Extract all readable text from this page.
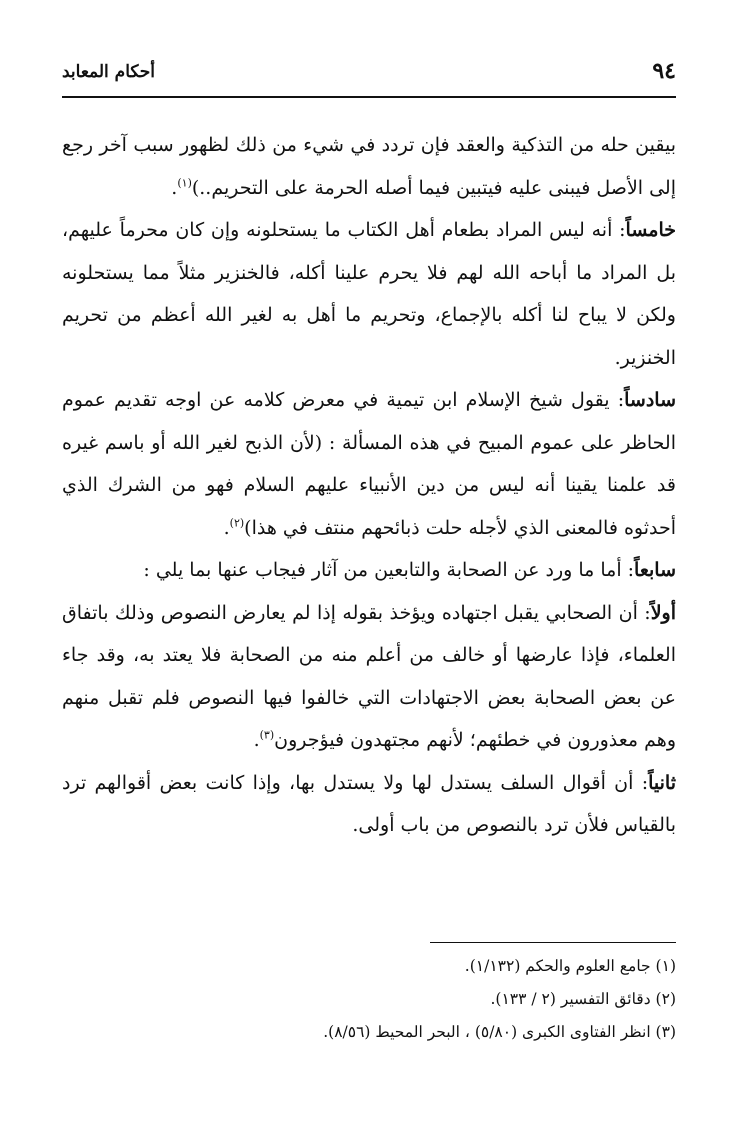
٩٤
أحكام المعابد

بيقين حله من التذكية والعقد فإن تردد في شيء من ذلك لظهور سبب آخر رجع إلى الأصل فيبنى عليه فيتبين فيما أصله الحرمة على التحريم..)$^{(١)}$.

خامساً: أنه ليس المراد بطعام أهل الكتاب ما يستحلونه وإن كان محرماً عليهم، بل المراد ما أباحه الله لهم فلا يحرم علينا أكله، فالخنزير مثلاً مما يستحلونه ولكن لا يباح لنا أكله بالإجماع، وتحريم ما أهل به لغير الله أعظم من تحريم الخنزير.

سادساً: يقول شيخ الإسلام ابن تيمية في معرض كلامه عن اوجه تقديم عموم الحاظر على عموم المبيح في هذه المسألة : (لأن الذبح لغير الله أو باسم غيره قد علمنا يقينا أنه ليس من دين الأنبياء عليهم السلام فهو من الشرك الذي أحدثوه فالمعنى الذي لأجله حلت ذبائحهم منتف في هذا)$^{(٢)}$.

سابعاً: أما ما ورد عن الصحابة والتابعين من آثار فيجاب عنها بما يلي :

أولاً: أن الصحابي يقبل اجتهاده ويؤخذ بقوله إذا لم يعارض النصوص وذلك باتفاق العلماء، فإذا عارضها أو خالف من أعلم منه من الصحابة فلا يعتد به، وقد جاء عن بعض الصحابة بعض الاجتهادات التي خالفوا فيها النصوص فلم تقبل منهم وهم معذورون في خطئهم؛ لأنهم مجتهدون فيؤجرون$^{(٣)}$.

ثانياً: أن أقوال السلف يستدل لها ولا يستدل بها، وإذا كانت بعض أقوالهم ترد بالقياس فلأن ترد بالنصوص من باب أولى.

(١) جامع العلوم والحكم (١/١٣٢).
(٢) دقائق التفسير (٢ / ١٣٣).
(٣) انظر الفتاوى الكبرى (٥/٨٠) ، البحر المحيط (٨/٥٦).
